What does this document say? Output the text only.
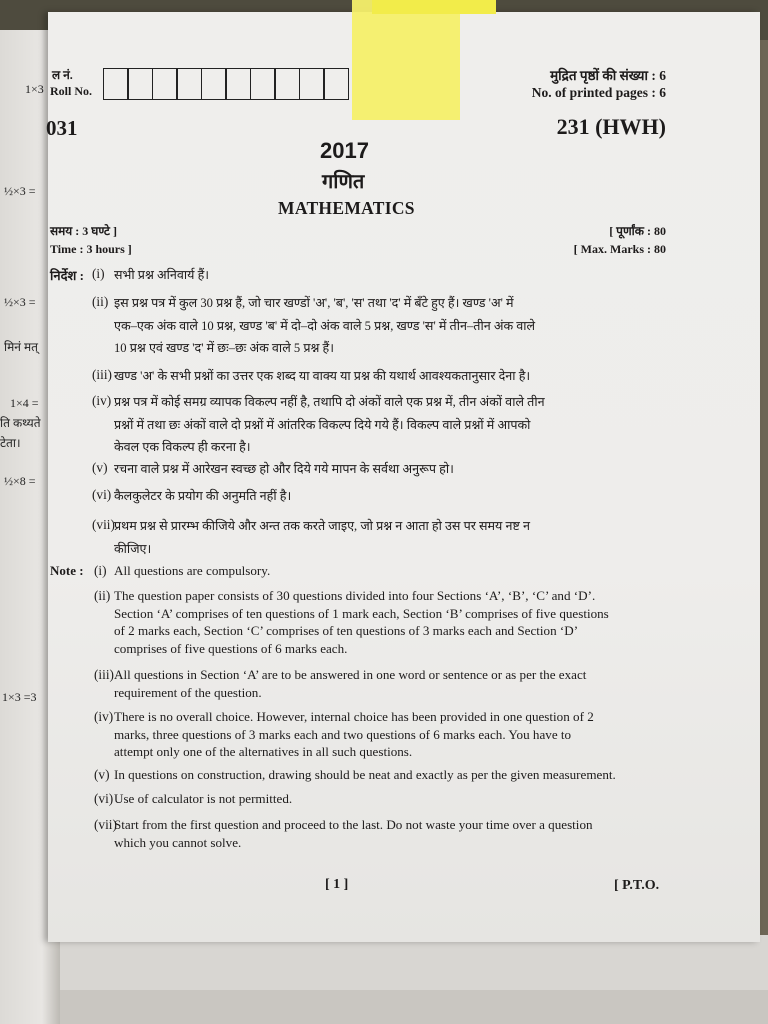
1×3
½×3 =
½×3 =
मिनं मत्
1×4 =
ति कथ्यते
टेता।
½×8 =
1×3 =3
ल नं.
Roll No.
मुद्रित पृष्ठों की संख्या : 6
No. of printed pages : 6
031	231 (HWH)
2017
गणित
MATHEMATICS
समय : 3 घण्टे ]
Time : 3 hours ]
[ पूर्णांक : 80
[ Max. Marks : 80
निर्देश : (i) सभी प्रश्न अनिवार्य हैं।
(ii) इस प्रश्न पत्र में कुल 30 प्रश्न हैं, जो चार खण्डों 'अ', 'ब', 'स' तथा 'द' में बँटे हुए हैं। खण्ड 'अ' में
एक–एक अंक वाले 10 प्रश्न, खण्ड 'ब' में दो–दो अंक वाले 5 प्रश्न, खण्ड 'स' में तीन–तीन अंक वाले
10 प्रश्न एवं खण्ड 'द' में छः–छः अंक वाले 5 प्रश्न हैं।
(iii) खण्ड 'अ' के सभी प्रश्नों का उत्तर एक शब्द या वाक्य या प्रश्न की यथार्थ आवश्यकतानुसार देना है।
(iv) प्रश्न पत्र में कोई समग्र व्यापक विकल्प नहीं है, तथापि दो अंकों वाले एक प्रश्न में, तीन अंकों वाले तीन
प्रश्नों में तथा छः अंकों वाले दो प्रश्नों में आंतरिक विकल्प दिये गये हैं। विकल्प वाले प्रश्नों में आपको
केवल एक विकल्प ही करना है।
(v) रचना वाले प्रश्न में आरेखन स्वच्छ हो और दिये गये मापन के सर्वथा अनुरूप हो।
(vi) कैलकुलेटर के प्रयोग की अनुमति नहीं है।
(vii) प्रथम प्रश्न से प्रारम्भ कीजिये और अन्त तक करते जाइए, जो प्रश्न न आता हो उस पर समय नष्ट न
कीजिए।
Note : (i) All questions are compulsory.
(ii) The question paper consists of 30 questions divided into four Sections ‘A’, ‘B’, ‘C’ and ‘D’.
Section ‘A’ comprises of ten questions of 1 mark each, Section ‘B’ comprises of five questions
of 2 marks each, Section ‘C’ comprises of ten questions of 3 marks each and Section ‘D’
comprises of five questions of 6 marks each.
(iii) All questions in Section ‘A’ are to be answered in one word or sentence or as per the exact
requirement of the question.
(iv) There is no overall choice. However, internal choice has been provided in one question of 2
marks, three questions of 3 marks each and two questions of 6 marks each. You have to
attempt only one of the alternatives in all such questions.
(v) In questions on construction, drawing should be neat and exactly as per the given measurement.
(vi) Use of calculator is not permitted.
(vii)
Start from the first question and proceed to the last. Do not waste your time over a question
which you cannot solve.
[ 1 ]	[ P.T.O.
